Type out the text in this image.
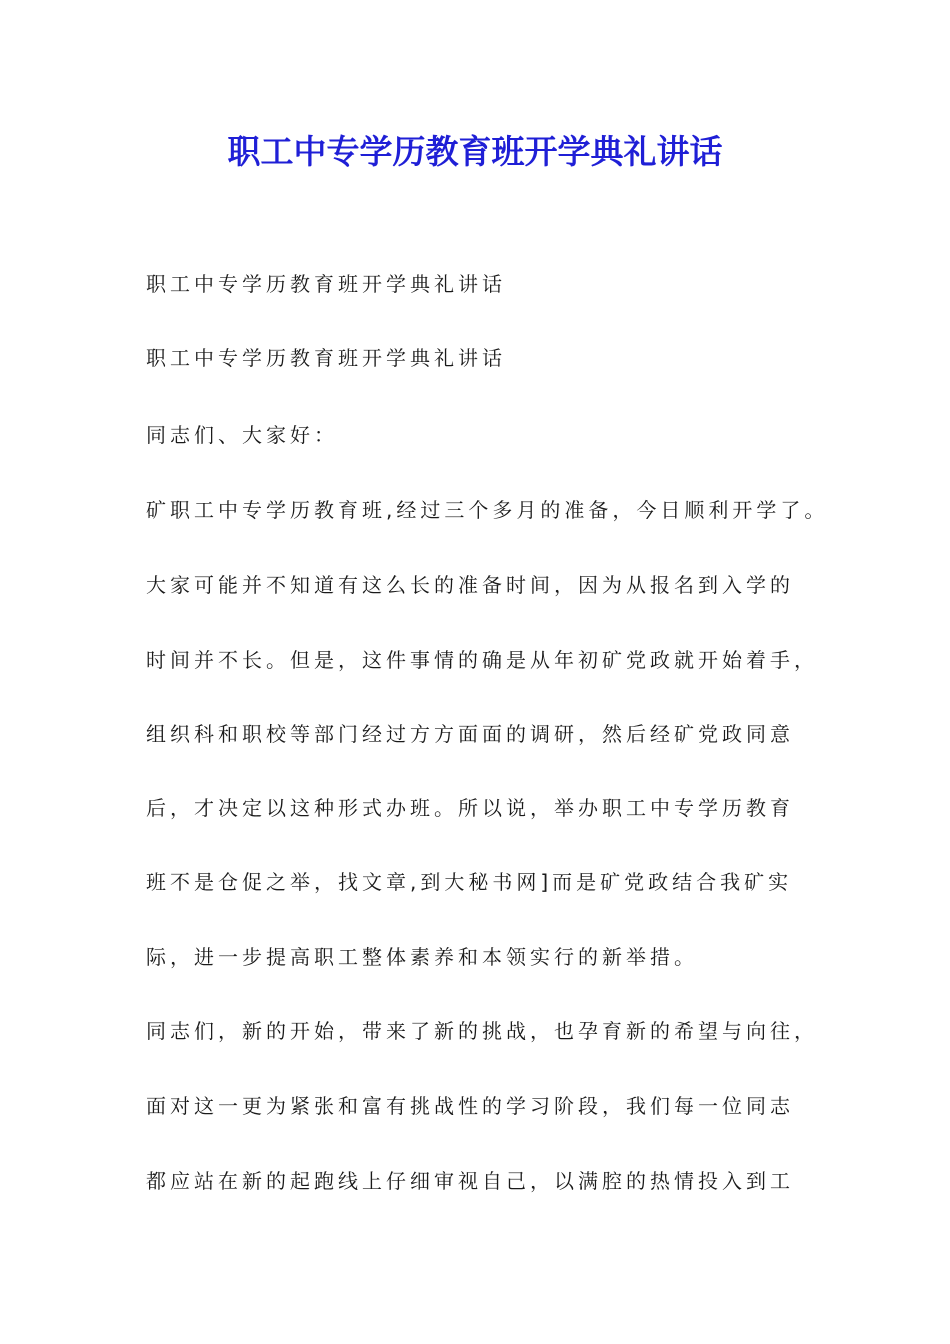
职工中专学历教育班开学典礼讲话
职工中专学历教育班开学典礼讲话
职工中专学历教育班开学典礼讲话
同志们、大家好：
矿职工中专学历教育班,经过三个多月的准备，今日顺利开学了。
大家可能并不知道有这么长的准备时间，因为从报名到入学的
时间并不长。但是，这件事情的确是从年初矿党政就开始着手，
组织科和职校等部门经过方方面面的调研，然后经矿党政同意
后，才决定以这种形式办班。所以说，举办职工中专学历教育
班不是仓促之举，找文章,到大秘书网]而是矿党政结合我矿实
际，进一步提高职工整体素养和本领实行的新举措。
同志们，新的开始，带来了新的挑战，也孕育新的希望与向往，
面对这一更为紧张和富有挑战性的学习阶段，我们每一位同志
都应站在新的起跑线上仔细审视自己，以满腔的热情投入到工
